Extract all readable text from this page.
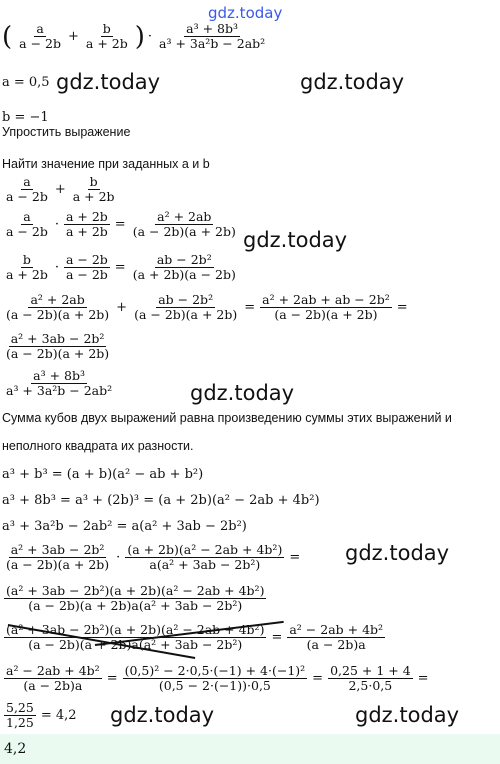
gdz.today
gdz.today	gdz.today
gdz.today
gdz.today
gdz.today
gdz.today	gdz.today
( $\frac{a}{a - 2b} + \frac{b}{a + 2b}$ ) · $\frac{\text{a³ + 8b³}}{\text{a³ + 3a²b − 2ab²}}$
a = 0,5
b = −1
Упростить выражение
Найти значение при заданных a и b
$\frac{a}{a - 2b} + \frac{b}{a + 2b}$
$\frac{a}{a - 2b} \cdot \frac{a + 2b}{a + 2b} = \frac{\text{a² + 2ab}}{(a - 2b)(a + 2b)}$
$\frac{b}{a + 2b} \cdot \frac{a - 2b}{a - 2b} = \frac{\text{ab − 2b²}}{(a + 2b)(a - 2b)}$
$\frac{\text{a² + 2ab}}{(a - 2b)(a + 2b)} + \frac{\text{ab − 2b²}}{(a - 2b)(a + 2b)} = \frac{\text{a² + 2ab + ab − 2b²}}{(a - 2b)(a + 2b)}$ =
$\frac{\text{a² + 3ab − 2b²}}{(a - 2b)(a + 2b)}$
$\frac{\text{a³ + 8b³}}{\text{a³ + 3a²b − 2ab²}}$
Сумма кубов двух выражений равна произведению суммы этих выражений и
неполного квадрата их разности.
a³ + b³ = (a + b)(a² − ab + b²)
a³ + 8b³ = a³ + (2b)³ = (a + 2b)(a² − 2ab + 4b²)
a³ + 3a²b − 2ab² = a(a² + 3ab − 2b²)
$\frac{\text{a² + 3ab − 2b²}}{(a - 2b)(a + 2b)} \cdot \frac{\text{(a + 2b)(a² − 2ab + 4b²)}}{\text{a(a² + 3ab − 2b²)}}$ =
$\frac{\text{(a² + 3ab − 2b²)(a + 2b)(a² − 2ab + 4b²)}}{\text{(a − 2b)(a + 2b)a(a² + 3ab − 2b²)}}$
$\frac{\text{(a² + 3ab − 2b²)(a + 2b)(a² − 2ab + 4b²)}}{\text{(a − 2b)(a + 2b)a(a² + 3ab − 2b²)}} = \frac{\text{a² − 2ab + 4b²}}{(a - 2b)a}$
$\frac{\text{a² − 2ab + 4b²}}{(a - 2b)a} = \frac{\text{(0,5)² − 2·0,5·(−1) + 4·(−1)²}}{(0,5 - 2\cdot(-1))\cdot 0,5} = \frac{0,25 + 1 + 4}{2,5\cdot 0,5}$ =
$\frac{5,25}{1,25} = 4,2$
4,2
